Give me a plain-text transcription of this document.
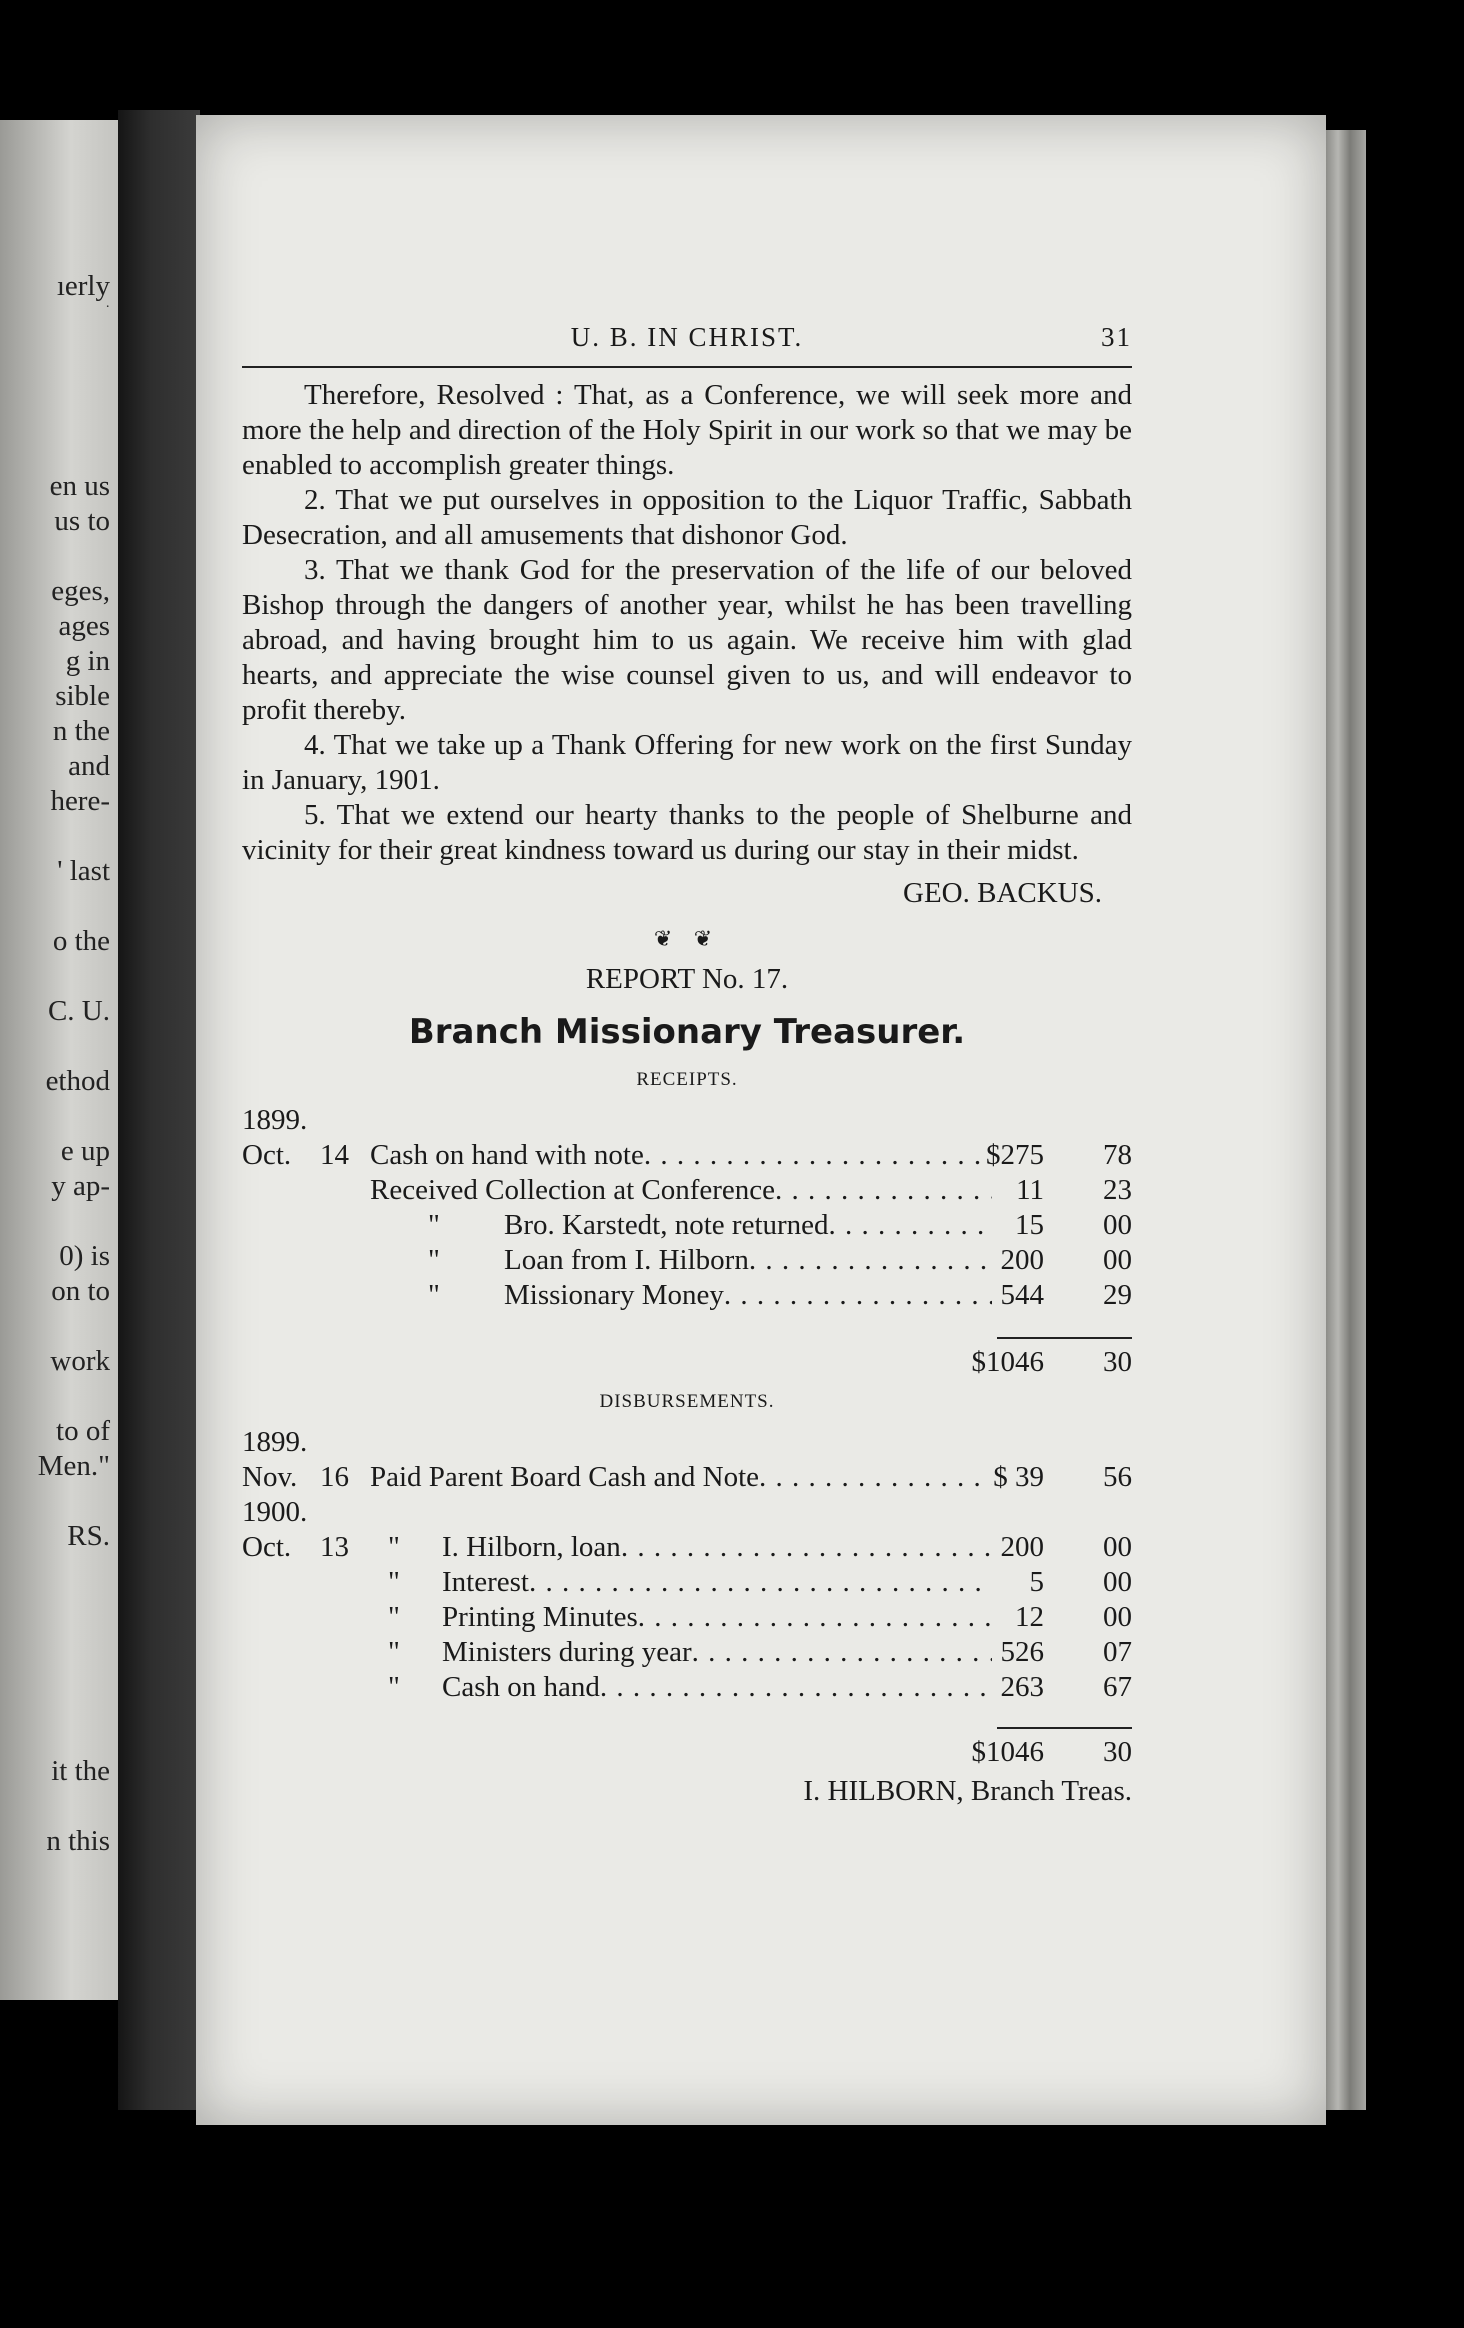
ıerly
·
en us
us to
eges,
ages
g in
sible
n the
and
here-
' last
o the
C. U.
ethod
e up
y ap-
0) is
on to
work
to of
Men."
RS.
it the
n this
U. B. IN CHRIST.	31

Therefore, Resolved : That, as a Conference, we will seek more and more the help and direction of the Holy Spirit in our work so that we may be enabled to accomplish greater things.

2. That we put ourselves in opposition to the Liquor Traffic, Sabbath Desecration, and all amusements that dishonor God.

3. That we thank God for the preservation of the life of our beloved Bishop through the dangers of another year, whilst he has been travelling abroad, and having brought him to us again. We receive him with glad hearts, and appreciate the wise counsel given to us, and will endeavor to profit thereby.

4. That we take up a Thank Offering for new work on the first Sunday in January, 1901.

5. That we extend our hearty thanks to the people of Shelburne and vicinity for their great kindness toward us during our stay in their midst.

GEO. BACKUS.
❦ ❦
REPORT No. 17.
Branch Missionary Treasurer.
RECEIPTS.
1899.
Oct. 14 Cash on hand with note . . .	$275	78
Received Collection at Conference . . .	11	23
" Bro. Karstedt, note returned . . .	15	00
" Loan from I. Hilborn . . .	200	00
" Missionary Money . . .	544	29
$1046	30
DISBURSEMENTS.
1899.
Nov. 16 Paid Parent Board Cash and Note . . .	$ 39	56
1900.
Oct. 13 " I. Hilborn, loan . . .	200	00
" Interest . . .	5	00
" Printing Minutes . . .	12	00
" Ministers during year . . .	526	07
" Cash on hand . . .	263	67
$1046	30
I. HILBORN, Branch Treas.
